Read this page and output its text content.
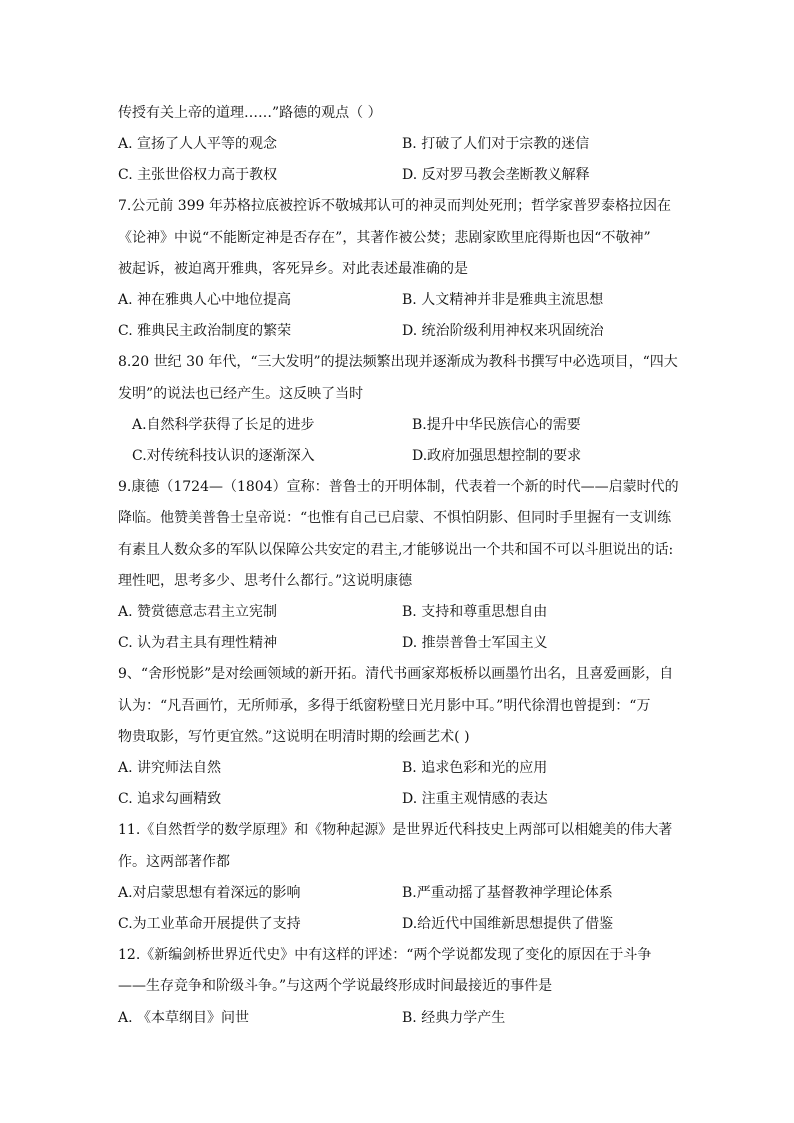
传授有关上帝的道理……”路德的观点（ ）
A. 宣扬了人人平等的观念	B. 打破了人们对于宗教的迷信
C. 主张世俗权力高于教权	D. 反对罗马教会垄断教义解释
7.公元前 399 年苏格拉底被控诉不敬城邦认可的神灵而判处死刑；哲学家普罗泰格拉因在
《论神》中说“不能断定神是否存在”，其著作被公焚；悲剧家欧里庇得斯也因“不敬神”
被起诉，被迫离开雅典，客死异乡。对此表述最准确的是
A. 神在雅典人心中地位提高	B. 人文精神并非是雅典主流思想
C. 雅典民主政治制度的繁荣	D. 统治阶级利用神权来巩固统治
8.20 世纪 30 年代，“三大发明”的提法频繁出现并逐渐成为教科书撰写中必选项目，“四大
发明”的说法也已经产生。这反映了当时
A.自然科学获得了长足的进步	B.提升中华民族信心的需要
C.对传统科技认识的逐渐深入	D.政府加强思想控制的要求
9.康德（1724—（1804）宣称：普鲁士的开明体制，代表着一个新的时代——启蒙时代的
降临。他赞美普鲁士皇帝说：“也惟有自己已启蒙、不惧怕阴影、但同时手里握有一支训练
有素且人数众多的军队以保障公共安定的君主,才能够说出一个共和国不可以斗胆说出的话:
理性吧，思考多少、思考什么都行。”这说明康德
A. 赞赏德意志君主立宪制	B. 支持和尊重思想自由
C. 认为君主具有理性精神	D. 推崇普鲁士军国主义
9、“舍形悦影”是对绘画领域的新开拓。清代书画家郑板桥以画墨竹出名，且喜爱画影，自
认为：“凡吾画竹，无所师承，多得于纸窗粉壁日光月影中耳。”明代徐渭也曾提到：“万
物贵取影，写竹更宜然。”这说明在明清时期的绘画艺术( )
A. 讲究师法自然	B. 追求色彩和光的应用
C. 追求勾画精致	D. 注重主观情感的表达
11.《自然哲学的数学原理》和《物种起源》是世界近代科技史上两部可以相媲美的伟大著
作。这两部著作都
A.对启蒙思想有着深远的影响	B.严重动摇了基督教神学理论体系
C.为工业革命开展提供了支持	D.给近代中国维新思想提供了借鉴
12.《新编剑桥世界近代史》中有这样的评述：“两个学说都发现了变化的原因在于斗争
——生存竞争和阶级斗争。”与这两个学说最终形成时间最接近的事件是
A. 《本草纲目》问世	B. 经典力学产生
